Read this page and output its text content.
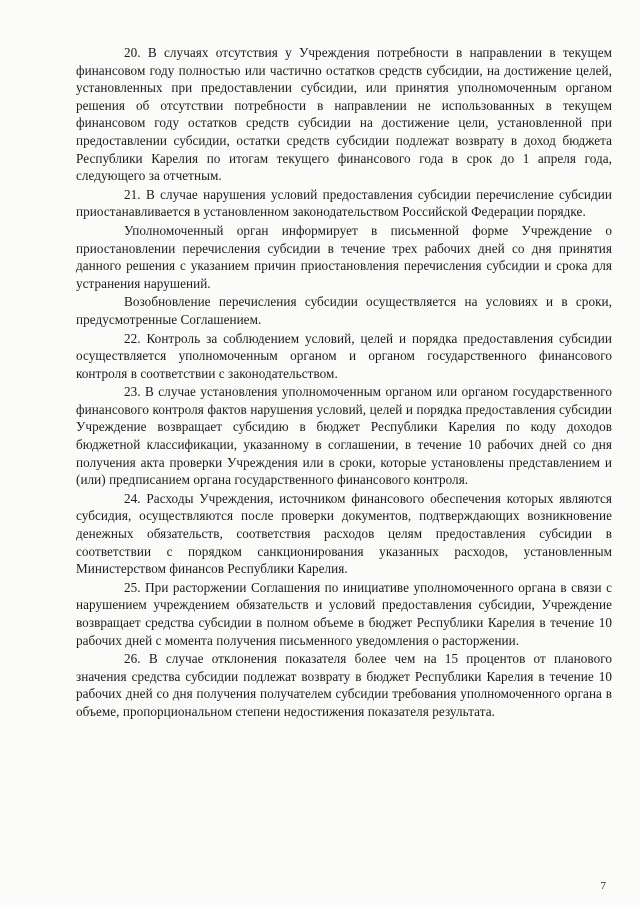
20. В случаях отсутствия у Учреждения потребности в направлении в текущем финансовом году полностью или частично остатков средств субсидии, на достижение целей, установленных при предоставлении субсидии, или принятия уполномоченным органом решения об отсутствии потребности в направлении не использованных в текущем финансовом году остатков средств субсидии на достижение цели, установленной при предоставлении субсидии, остатки средств субсидии подлежат возврату в доход бюджета Республики Карелия по итогам текущего финансового года в срок до 1 апреля года, следующего за отчетным.

21. В случае нарушения условий предоставления субсидии перечисление субсидии приостанавливается в установленном законодательством Российской Федерации порядке.

Уполномоченный орган информирует в письменной форме Учреждение о приостановлении перечисления субсидии в течение трех рабочих дней со дня принятия данного решения с указанием причин приостановления перечисления субсидии и срока для устранения нарушений.

Возобновление перечисления субсидии осуществляется на условиях и в сроки, предусмотренные Соглашением.

22. Контроль за соблюдением условий, целей и порядка предоставления субсидии осуществляется уполномоченным органом и органом государственного финансового контроля в соответствии с законодательством.

23. В случае установления уполномоченным органом или органом государственного финансового контроля фактов нарушения условий, целей и порядка предоставления субсидии Учреждение возвращает субсидию в бюджет Республики Карелия по коду доходов бюджетной классификации, указанному в соглашении, в течение 10 рабочих дней со дня получения акта проверки Учреждения или в сроки, которые установлены представлением и (или) предписанием органа государственного финансового контроля.

24. Расходы Учреждения, источником финансового обеспечения которых являются субсидия, осуществляются после проверки документов, подтверждающих возникновение денежных обязательств, соответствия расходов целям предоставления субсидии в соответствии с порядком санкционирования указанных расходов, установленным Министерством финансов Республики Карелия.

25. При расторжении Соглашения по инициативе уполномоченного органа в связи с нарушением учреждением обязательств и условий предоставления субсидии, Учреждение возвращает средства субсидии в полном объеме в бюджет Республики Карелия в течение 10 рабочих дней с момента получения письменного уведомления о расторжении.

26. В случае отклонения показателя более чем на 15 процентов от планового значения средства субсидии подлежат возврату в бюджет Республики Карелия в течение 10 рабочих дней со дня получения получателем субсидии требования уполномоченного органа в объеме, пропорциональном степени недостижения показателя результата.

7
